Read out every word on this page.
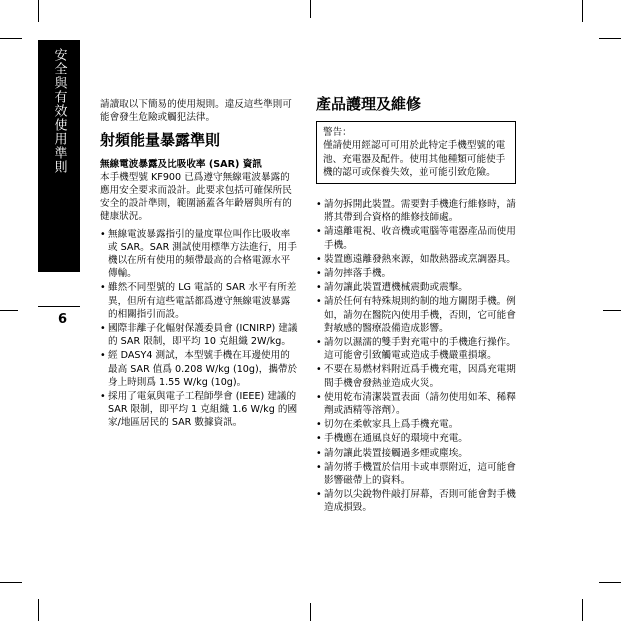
安全與有效使用準則
6

請讀取以下簡易的使用規則。違反這些準則可能會發生危險或觸犯法律。

射頻能量暴露準則

無線電波暴露及比吸收率 (SAR) 資訊

本手機型號 KF900 已爲遵守無線電波暴露的應用安全要求而設計。此要求包括可確保所民安全的設計準則，範圍涵蓋各年齡層與所有的健康狀況。

• 無線電波暴露指引的量度單位叫作比吸收率或 SAR。SAR 測試使用標準方法進行，用手機以在所有使用的頻帶最高的合格電源水平傳輸。
• 雖然不同型號的 LG 電話的 SAR 水平有所差異，但所有這些電話都爲遵守無線電波暴露的相關指引而設。
• 國際非離子化輻射保護委員會 (ICNIRP) 建議的 SAR 限制，即平均 10 克組織 2W/kg。
• 經 DASY4 測試，本型號手機在耳邊使用的最高 SAR 值爲 0.208 W/kg (10g)，攜帶於身上時則爲 1.55 W/kg (10g)。
• 採用了電氣與電子工程師學會 (IEEE) 建議的 SAR 限制，即平均 1 克組織 1.6 W/kg 的國家/地區居民的 SAR 數據資訊。
產品護理及維修
警告：
僅請使用經認可可用於此特定手機型號的電池、充電器及配件。使用其他種類可能使手機的認可或保養失效，並可能引致危險。
• 請勿拆開此裝置。需要對手機進行維修時，請將其帶到合資格的維修技師處。
• 請遠離電視、收音機或電腦等電器產品而使用手機。
• 裝置應遠離發熱來源，如散熱器或烹調器具。
• 請勿摔落手機。
• 請勿讓此裝置遭機械震動或震擊。
• 請於任何有特殊規則約制的地方關閉手機。例如，請勿在醫院內使用手機，否則，它可能會對敏感的醫療設備造成影響。
• 請勿以濕濡的雙手對充電中的手機進行操作。這可能會引致觸電或造成手機嚴重損壞。
• 不要在易燃材料附近爲手機充電，因爲充電期間手機會發熱並造成火災。
• 使用乾布清潔裝置表面（請勿使用如苯、稀釋劑或酒精等溶劑）。
• 切勿在柔軟家具上爲手機充電。
• 手機應在通風良好的環境中充電。
• 請勿讓此裝置接觸過多煙或塵埃。
• 請勿將手機置於信用卡或車票附近，這可能會影響磁帶上的資料。
• 請勿以尖銳物件敲打屏幕，否則可能會對手機造成損毀。
